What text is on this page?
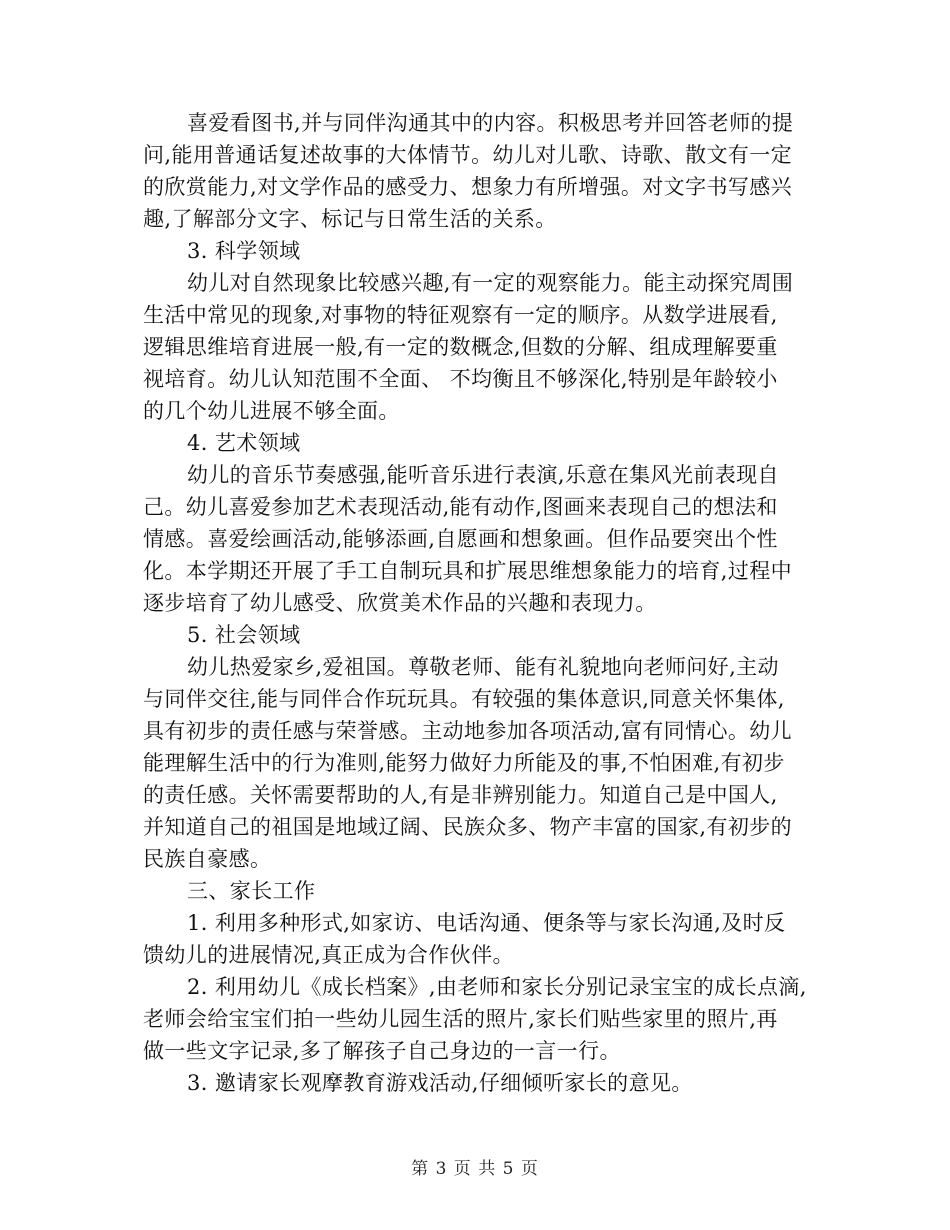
喜爱看图书,并与同伴沟通其中的内容。积极思考并回答老师的提
问,能用普通话复述故事的大体情节。幼儿对儿歌、诗歌、散文有一定
的欣赏能力,对文学作品的感受力、想象力有所增强。对文字书写感兴
趣,了解部分文字、标记与日常生活的关系。
3. 科学领域
幼儿对自然现象比较感兴趣,有一定的观察能力。能主动探究周围
生活中常见的现象,对事物的特征观察有一定的顺序。从数学进展看,
逻辑思维培育进展一般,有一定的数概念,但数的分解、组成理解要重
视培育。幼儿认知范围不全面、 不均衡且不够深化,特别是年龄较小
的几个幼儿进展不够全面。
4. 艺术领域
幼儿的音乐节奏感强,能听音乐进行表演,乐意在集风光前表现自
己。幼儿喜爱参加艺术表现活动,能有动作,图画来表现自己的想法和
情感。喜爱绘画活动,能够添画,自愿画和想象画。但作品要突出个性
化。本学期还开展了手工自制玩具和扩展思维想象能力的培育,过程中
逐步培育了幼儿感受、欣赏美术作品的兴趣和表现力。
5. 社会领域
幼儿热爱家乡,爱祖国。尊敬老师、能有礼貌地向老师问好,主动
与同伴交往,能与同伴合作玩玩具。有较强的集体意识,同意关怀集体,
具有初步的责任感与荣誉感。主动地参加各项活动,富有同情心。幼儿
能理解生活中的行为准则,能努力做好力所能及的事,不怕困难,有初步
的责任感。关怀需要帮助的人,有是非辨别能力。知道自己是中国人,
并知道自己的祖国是地域辽阔、民族众多、物产丰富的国家,有初步的
民族自豪感。
三、家长工作
1. 利用多种形式,如家访、电话沟通、便条等与家长沟通,及时反
馈幼儿的进展情况,真正成为合作伙伴。
2. 利用幼儿《成长档案》,由老师和家长分别记录宝宝的成长点滴,
老师会给宝宝们拍一些幼儿园生活的照片,家长们贴些家里的照片,再
做一些文字记录,多了解孩子自己身边的一言一行。
3. 邀请家长观摩教育游戏活动,仔细倾听家长的意见。
第 3 页 共 5 页
